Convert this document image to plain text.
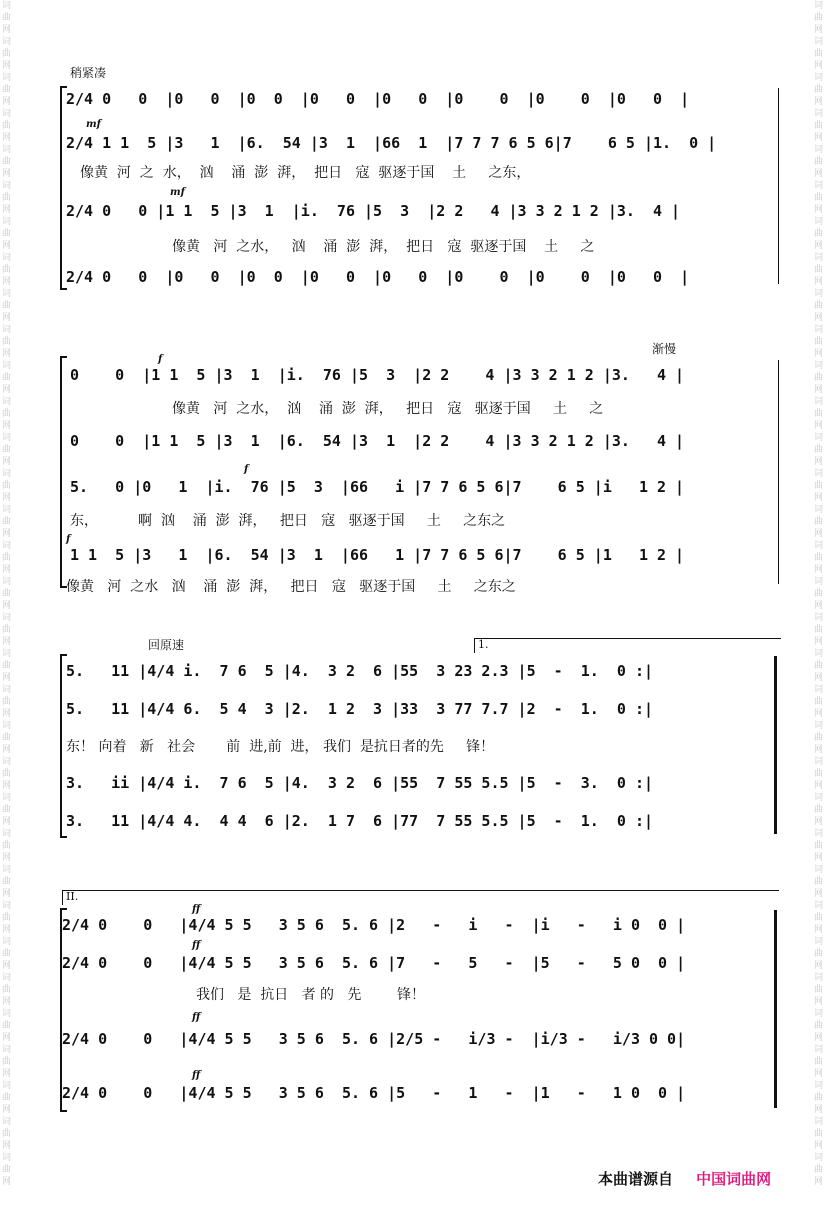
词曲网词曲网词曲网词曲网词曲网词曲网词曲网词曲网词曲网词曲网词曲网词曲网词曲网词曲网词曲网词曲网词曲网词曲网词曲网词曲网词曲网词曲网词曲网词曲网词曲网词曲网词曲网词曲网词曲网词曲网词曲网词曲网词曲网
词曲网词曲网词曲网词曲网词曲网词曲网词曲网词曲网词曲网词曲网词曲网词曲网词曲网词曲网词曲网词曲网词曲网词曲网词曲网词曲网词曲网词曲网词曲网词曲网词曲网词曲网词曲网词曲网词曲网词曲网词曲网词曲网词曲网
稍紧凑
2/4 0   0  |0   0  |0  0  |0   0  |0   0  |0    0  |0    0  |0   0  |
mf
2/4 1 1  5 |3   1  |6.  54 |3  1  |66  1  |7 7 7 6 5 6|7    6 5 |1.  0 |
像黄  河  之  水，  汹    涌  澎  湃，  把日   寇  驱逐于国    土     之东，
mf
2/4 0   0 |1 1  5 |3  1  |i.  76 |5  3  |2 2   4 |3 3 2 1 2 |3.  4 |
像黄   河  之水，   汹    涌  澎  湃，  把日   寇  驱逐于国    土     之
2/4 0   0  |0   0  |0  0  |0   0  |0   0  |0    0  |0    0  |0   0  |
渐慢
f
0    0  |1 1  5 |3  1  |i.  76 |5  3  |2 2    4 |3 3 2 1 2 |3.   4 |
像黄   河  之水，  汹    涌  澎  湃，   把日   寇   驱逐于国     土     之
0    0  |1 1  5 |3  1  |6.  54 |3  1  |2 2    4 |3 3 2 1 2 |3.   4 |
f
5.   0 |0   1  |i.  76 |5  3  |66   i |7 7 6 5 6|7    6 5 |i   1 2 |
东，         啊  汹    涌  澎  湃，   把日   寇   驱逐于国     土     之东之
f
1 1  5 |3   1  |6.  54 |3  1  |66   1 |7 7 6 5 6|7    6 5 |1   1 2 |
像黄   河  之水   汹    涌  澎  湃，   把日   寇   驱逐于国     土     之东之
回原速	1.
5.   11 |4/4 i.  7 6  5 |4.  3 2  6 |55  3 23 2.3 |5  -  1.  0 :|
5.   11 |4/4 6.  5 4  3 |2.  1 2  3 |33  3 77 7.7 |2  -  1.  0 :|
东！ 向着   新   社会       前  进,前  进， 我们  是抗日者的先     锋！
3.   ii |4/4 i.  7 6  5 |4.  3 2  6 |55  7 55 5.5 |5  -  3.  0 :|
3.   11 |4/4 4.  4 4  6 |2.  1 7  6 |77  7 55 5.5 |5  -  1.  0 :|
II.
ff
2/4 0    0   |4/4 5 5   3 5 6  5. 6 |2   -   i   -  |i   -   i 0  0 |
ff
2/4 0    0   |4/4 5 5   3 5 6  5. 6 |7   -   5   -  |5   -   5 0  0 |
我们   是  抗日   者 的   先        锋！
ff
2/4 0    0   |4/4 5 5   3 5 6  5. 6 |2/5 -   i/3 -  |i/3 -   i/3 0 0|
ff
2/4 0    0   |4/4 5 5   3 5 6  5. 6 |5   -   1   -  |1   -   1 0  0 |
本曲谱源自 中国词曲网
